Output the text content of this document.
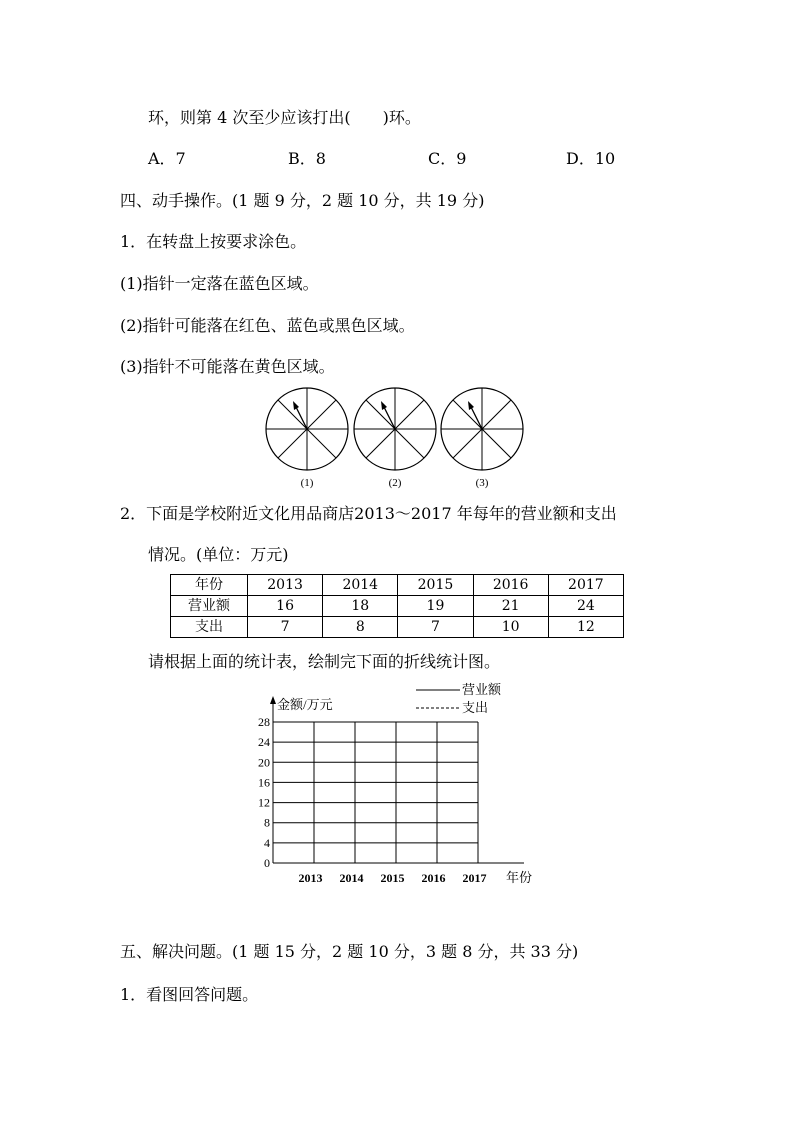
环，则第 4 次至少应该打出(　　)环。
A．7	B．8	C．9	D．10
四、动手操作。(1 题 9 分，2 题 10 分，共 19 分)
1．在转盘上按要求涂色。
(1)指针一定落在蓝色区域。
(2)指针可能落在红色、蓝色或黑色区域。
(3)指针不可能落在黄色区域。
(1)	(2)	(3)
2．下面是学校附近文化用品商店2013～2017 年每年的营业额和支出
情况。(单位：万元)
年份	2013	2014	2015	2016	2017
营业额	16	18	19	21	24
支出	7	8	7	10	12
请根据上面的统计表，绘制完下面的折线统计图。
0
4
8
12
16
20
24
28
2013 2014 2015 2016 2017
金额/万元
年份
营业额
支出
五、解决问题。(1 题 15 分，2 题 10 分，3 题 8 分，共 33 分)
1．看图回答问题。
